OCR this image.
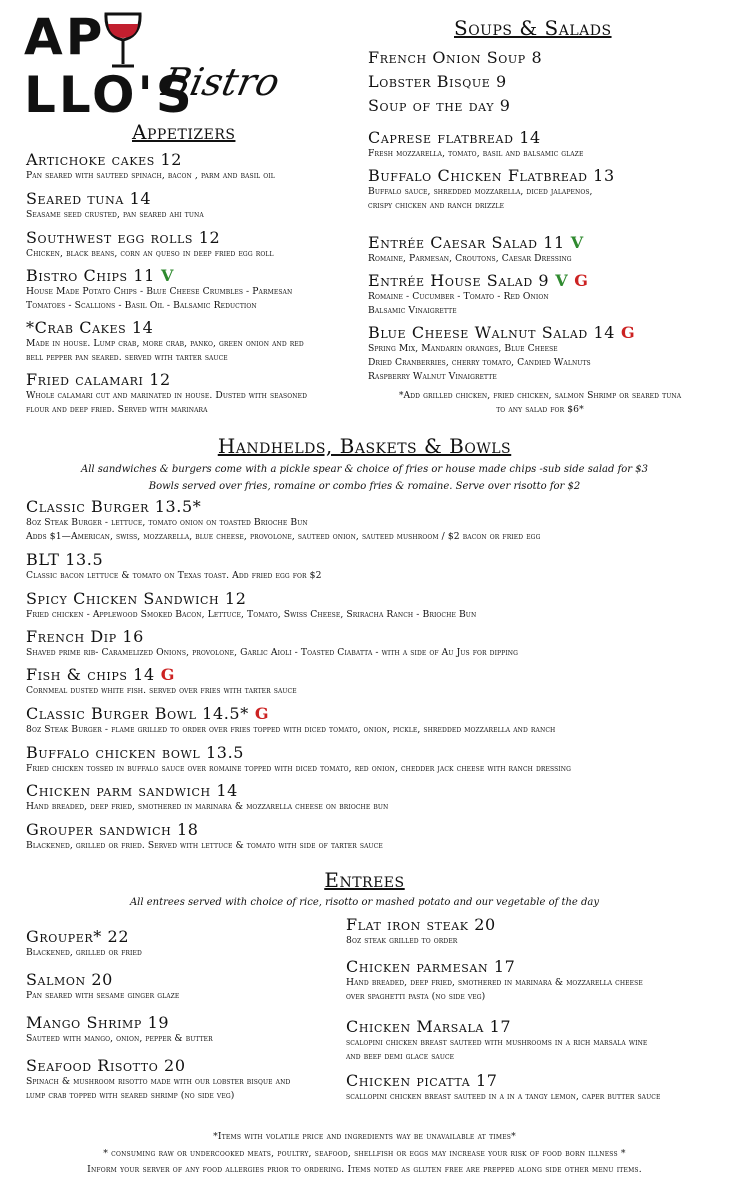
APLLO'S
Bistro
Appetizers
Artichoke cakes 12
Pan seared with sauteed spinach, bacon , parm and basil oil
Seared tuna 14
Seasame seed crusted, pan seared ahi tuna
Southwest egg rolls 12
Chicken, black beans, corn an queso in deep fried egg roll
Bistro Chips 11 V
House Made Potato Chips - Blue Cheese Crumbles - Parmesan
Tomatoes - Scallions - Basil Oil - Balsamic Reduction
*Crab Cakes 14
Made in house. Lump crab, more crab, panko, green onion and red
bell pepper pan seared. served with tarter sauce
Fried calamari 12
Whole calamari cut and marinated in house. Dusted with seasoned
flour and deep fried. Served with marinara
Soups & Salads
French Onion Soup 8
Lobster Bisque 9
Soup of the day 9
Caprese flatbread 14
Fresh mozzarella, tomato, basil and balsamic glaze
Buffalo Chicken Flatbread 13
Buffalo sauce, shredded mozzarella, diced jalapenos,
crispy chicken and ranch drizzle
Entrée Caesar Salad 11 V
Romaine, Parmesan, Croutons, Caesar Dressing
Entrée House Salad 9 V G
Romaine - Cucumber - Tomato - Red Onion
Balsamic Vinaigrette
Blue Cheese Walnut Salad 14 G
Spring Mix, Mandarin oranges, Blue Cheese
Dried Cranberries, cherry tomato, Candied Walnuts
Raspberry Walnut Vinaigrette
*Add grilled chicken, fried chicken, salmon Shrimp or seared tuna
to any salad for $6*
Handhelds, Baskets & Bowls
All sandwiches & burgers come with a pickle spear & choice of fries or house made chips -sub side salad for $3
Bowls served over fries, romaine or combo fries & romaine. Serve over risotto for $2
Classic Burger 13.5*
8oz Steak Burger - lettuce, tomato onion on toasted Brioche Bun
Adds $1—American, swiss, mozzarella, blue cheese, provolone, sauteed onion, sauteed mushroom / $2 bacon or fried egg
BLT 13.5
Classic bacon lettuce & tomato on Texas toast. Add fried egg for $2
Spicy Chicken Sandwich 12
Fried chicken - Applewood Smoked Bacon, Lettuce, Tomato, Swiss Cheese, Sriracha Ranch - Brioche Bun
French Dip 16
Shaved prime rib- Caramelized Onions, provolone, Garlic Aioli - Toasted Ciabatta - with a side of Au Jus for dipping
Fish & chips 14 G
Cornmeal dusted white fish. served over fries with tarter sauce
Classic Burger Bowl 14.5* G
8oz Steak Burger - flame grilled to order over fries topped with diced tomato, onion, pickle, shredded mozzarella and ranch
Buffalo chicken bowl 13.5
Fried chicken tossed in buffalo sauce over romaine topped with diced tomato, red onion, chedder jack cheese with ranch dressing
Chicken parm sandwich 14
Hand breaded, deep fried, smothered in marinara & mozzarella cheese on brioche bun
Grouper sandwich 18
Blackened, grilled or fried. Served with lettuce & tomato with side of tarter sauce
Entrees
All entrees served with choice of rice, risotto or mashed potato and our vegetable of the day
Grouper* 22
Blackened, grilled or fried
Salmon 20
Pan seared with sesame ginger glaze
Mango Shrimp 19
Sauteed with mango, onion, pepper & butter
Seafood Risotto 20
Spinach & mushroom risotto made with our lobster bisque and
lump crab topped with seared shrimp (no side veg)
Flat iron steak 20
8oz steak grilled to order
Chicken parmesan 17
Hand breaded, deep fried, smothered in marinara & mozzarella cheese
over spaghetti pasta (no side veg)
Chicken Marsala 17
scalopini chicken breast sauteed with mushrooms in a rich marsala wine
and beef demi glace sauce
Chicken picatta 17
scallopini chicken breast sauteed in a in a tangy lemon, caper butter sauce
*Items with volatile price and ingredients way be unavailable at times*
* consuming raw or undercooked meats, poultry, seafood, shellfish or eggs may increase your risk of food born illness *
Inform your server of any food allergies prior to ordering. Items noted as gluten free are prepped along side other menu items.
